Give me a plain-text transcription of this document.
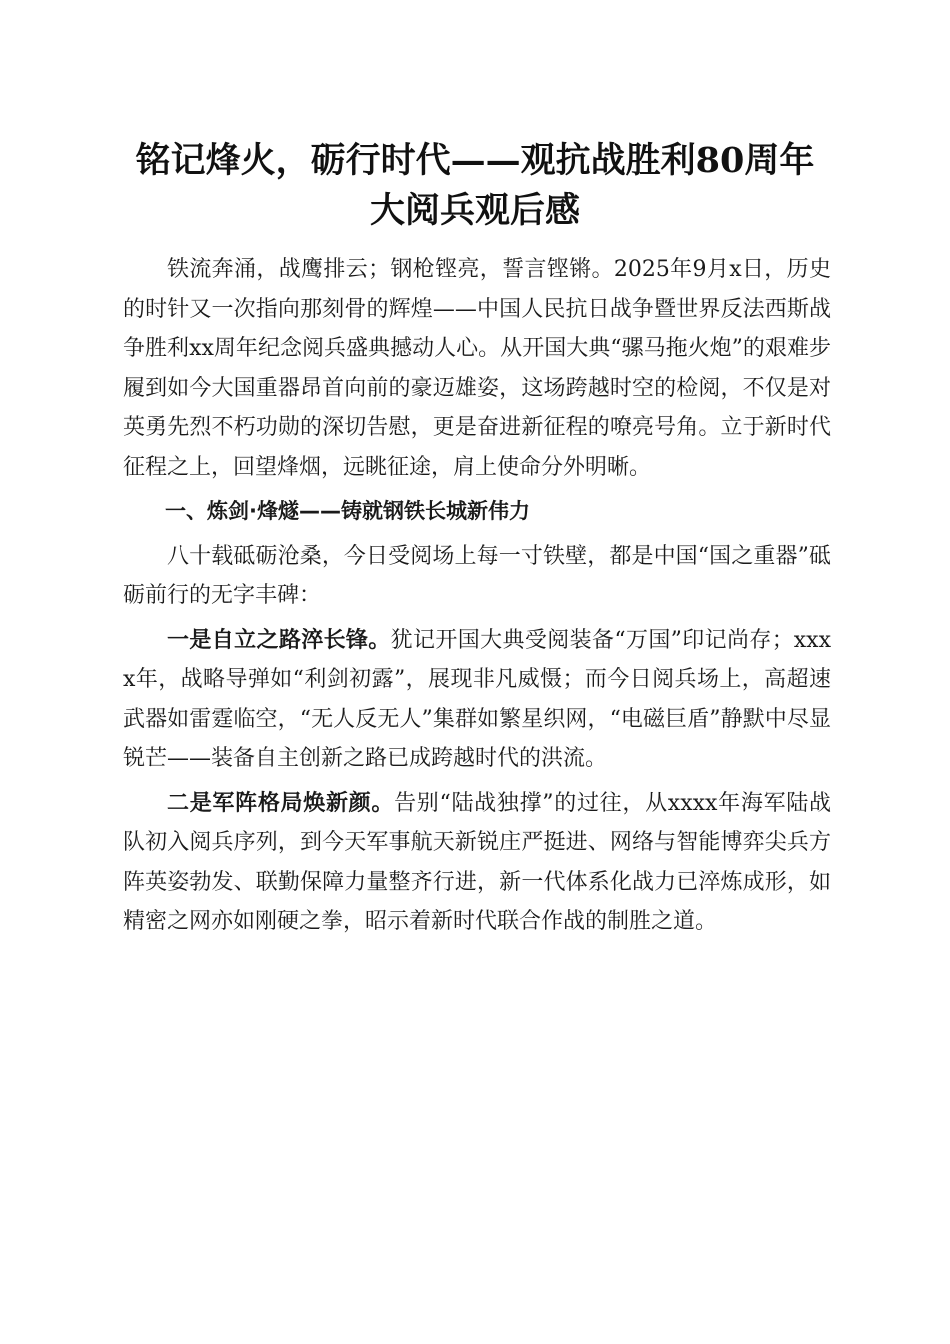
铭记烽火，砺行时代——观抗战胜利80周年
大阅兵观后感

铁流奔涌，战鹰排云；钢枪铿亮，誓言铿锵。2025年9月x日，历史的时针又一次指向那刻骨的辉煌——中国人民抗日战争暨世界反法西斯战争胜利xx周年纪念阅兵盛典撼动人心。从开国大典“骡马拖火炮”的艰难步履到如今大国重器昂首向前的豪迈雄姿，这场跨越时空的检阅，不仅是对英勇先烈不朽功勋的深切告慰，更是奋进新征程的嘹亮号角。立于新时代征程之上，回望烽烟，远眺征途，肩上使命分外明晰。

一、炼剑·烽燧——铸就钢铁长城新伟力

八十载砥砺沧桑，今日受阅场上每一寸铁壁，都是中国“国之重器”砥砺前行的无字丰碑：

一是自立之路淬长锋。犹记开国大典受阅装备“万国”印记尚存；xxxx年，战略导弹如“利剑初露”，展现非凡威慑；而今日阅兵场上，高超速武器如雷霆临空，“无人反无人”集群如繁星织网，“电磁巨盾”静默中尽显锐芒——装备自主创新之路已成跨越时代的洪流。

二是军阵格局焕新颜。告别“陆战独撑”的过往，从xxxx年海军陆战队初入阅兵序列，到今天军事航天新锐庄严挺进、网络与智能博弈尖兵方阵英姿勃发、联勤保障力量整齐行进，新一代体系化战力已淬炼成形，如精密之网亦如刚硬之拳，昭示着新时代联合作战的制胜之道。
